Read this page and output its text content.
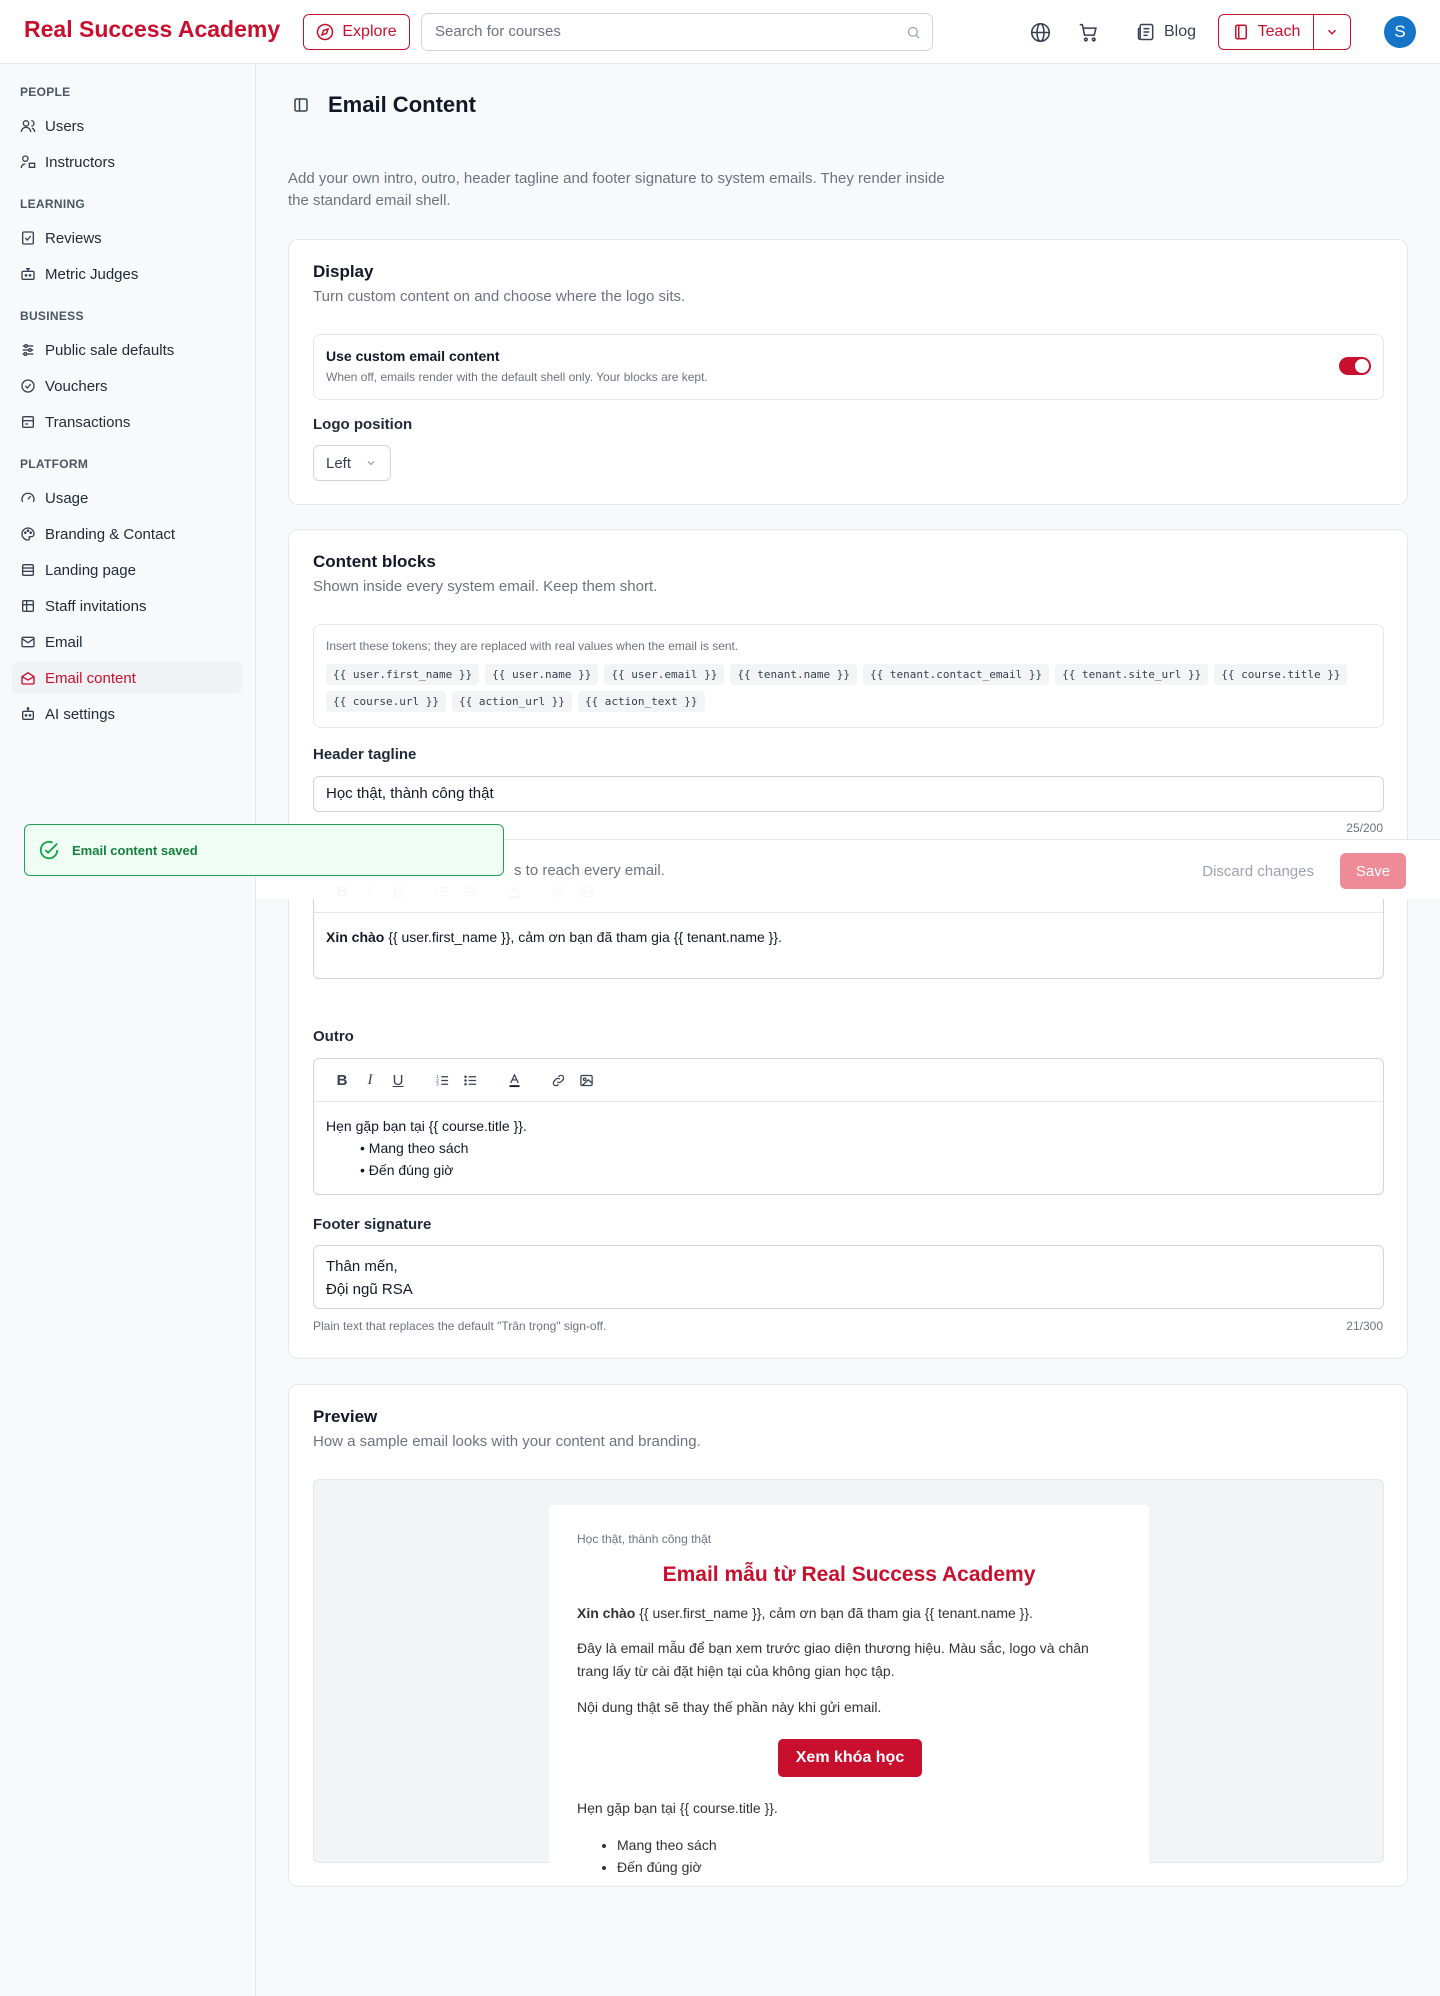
Real Success Academy	Explore
Search for courses	Blog	Teach	S
PEOPLE
Users
Instructors
LEARNING
Reviews
Metric Judges
BUSINESS
Public sale defaults
Vouchers
Transactions
PLATFORM
Usage
Branding & Contact
Landing page
Staff invitations
Email
Email content
AI settings
Email Content
Add your own intro, outro, header tagline and footer signature to system emails. They render inside the standard email shell.
Display
Turn custom content on and choose where the logo sits.
Use custom email content
When off, emails render with the default shell only. Your blocks are kept.
Logo position
Left
Content blocks
Shown inside every system email. Keep them short.
Insert these tokens; they are replaced with real values when the email is sent.
{{ user.first_name }}	{{ user.name }}	{{ user.email }}	{{ tenant.name }}	{{ tenant.contact_email }}	{{ tenant.site_url }}	{{ course.title }}
{{ course.url }}	{{ action_url }}	{{ action_text }}
Header tagline
Học thật, thành công thật
25/200
Xin chào {{ user.first_name }}, cảm ơn bạn đã tham gia {{ tenant.name }}.
Outro
B	I	U	1
2
3
Hẹn gặp bạn tại {{ course.title }}.
• Mang theo sách
• Đến đúng giờ
Footer signature
Thân mến,
Đội ngũ RSA
Plain text that replaces the default "Trân trọng" sign-off.	21/300
Preview
How a sample email looks with your content and branding.
Học thật, thành công thật
Email mẫu từ Real Success Academy
Xin chào {{ user.first_name }}, cảm ơn bạn đã tham gia {{ tenant.name }}.
Đây là email mẫu để bạn xem trước giao diện thương hiệu. Màu sắc, logo và chân trang lấy từ cài đặt hiện tại của không gian học tập.
Nội dung thật sẽ thay thế phần này khi gửi email.
Xem khóa học
Hẹn gặp bạn tại {{ course.title }}.
• Mang theo sách
• Đến đúng giờ
s to reach every email.	Discard changes	Save
Email content saved
